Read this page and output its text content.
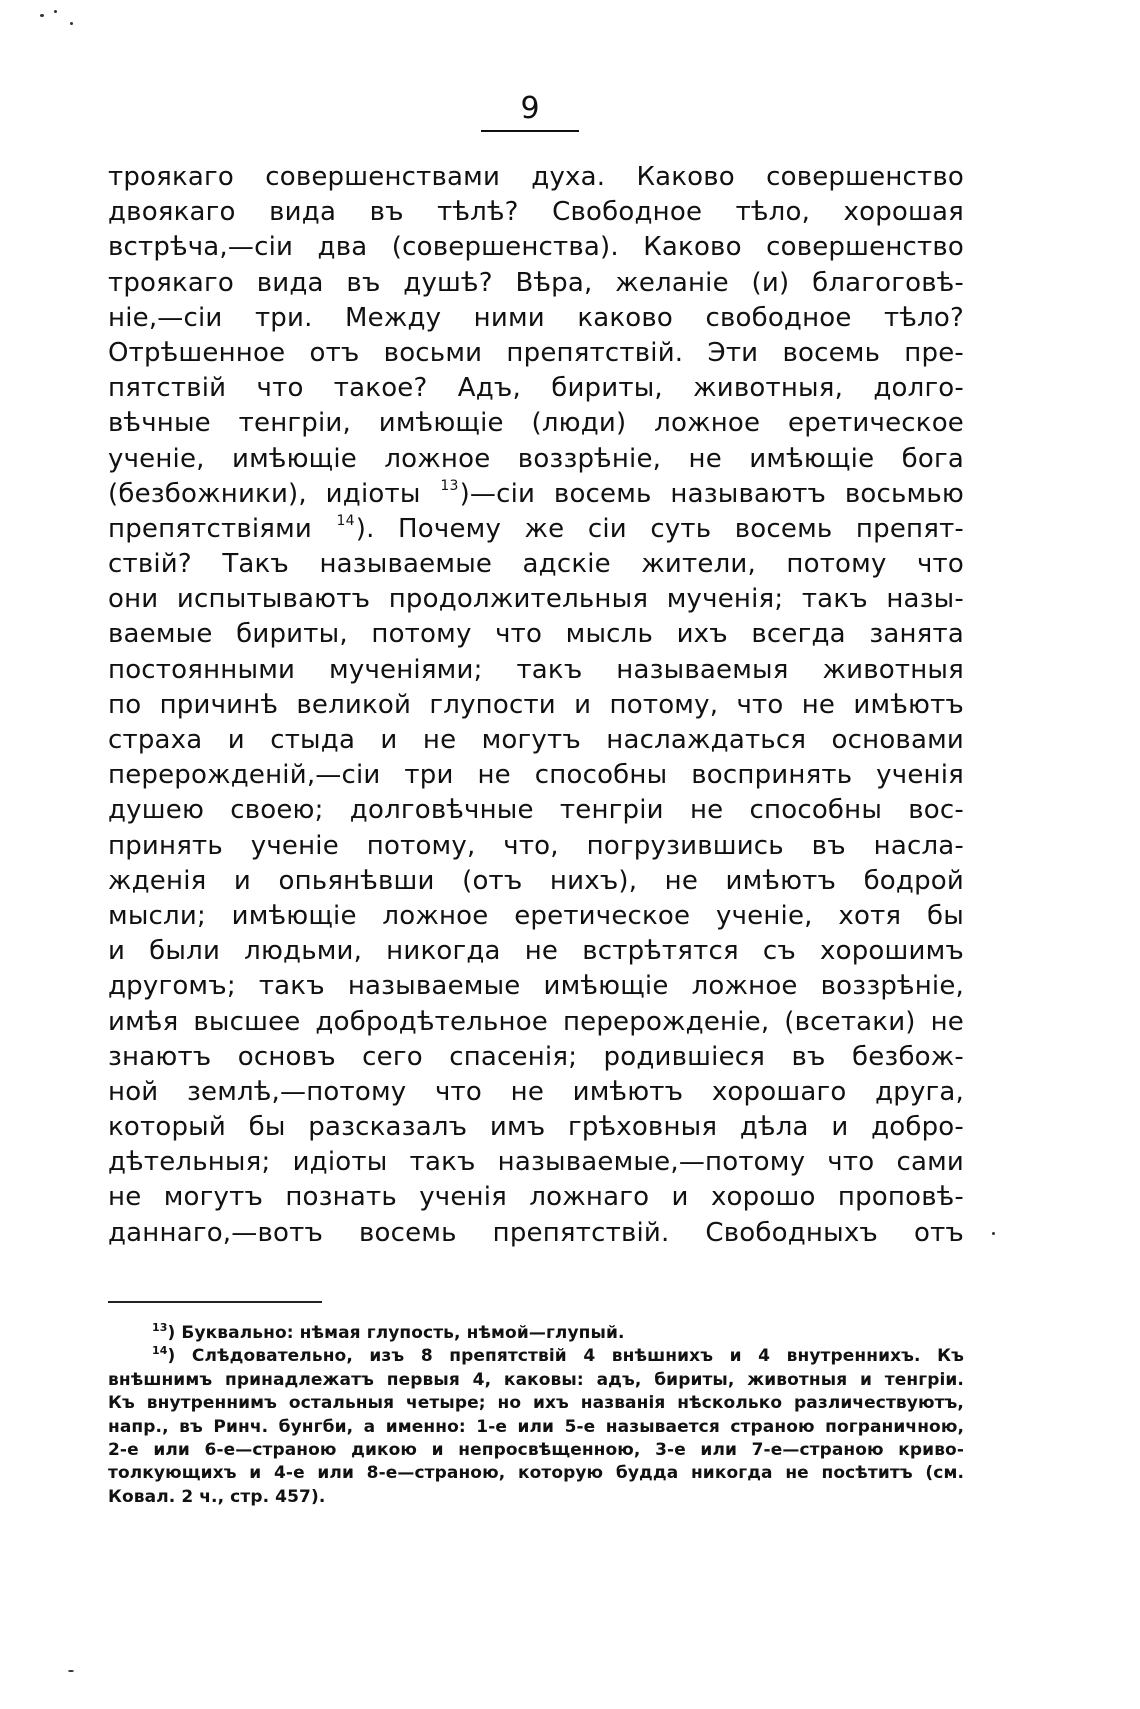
9
троякаго совершенствами духа. Каково совершенство
двоякаго вида въ тѣлѣ? Свободное тѣло, хорошая
встрѣча,—сіи два (совершенства). Каково совершенство
троякаго вида въ душѣ? Вѣра, желаніе (и) благоговѣ-
ніе,—сіи три. Между ними каково свободное тѣло?
Отрѣшенное отъ восьми препятствій. Эти восемь пре-
пятствій что такое? Адъ, бириты, животныя, долго-
вѣчные тенгріи, имѣющіе (люди) ложное еретическое
ученіе, имѣющіе ложное воззрѣніе, не имѣющіе бога
(безбожники), идіоты $^{13}$)—сіи восемь называютъ восьмью
препятствіями $^{14}$). Почему же сіи суть восемь препят-
ствій? Такъ называемые адскіе жители, потому что
они испытываютъ продолжительныя мученія; такъ назы-
ваемые бириты, потому что мысль ихъ всегда занята
постоянными мученіями; такъ называемыя животныя
по причинѣ великой глупости и потому, что не имѣютъ
страха и стыда и не могутъ наслаждаться основами
перерожденій,—сіи три не способны воспринять ученія
душею своею; долговѣчные тенгріи не способны вос-
принять ученіе потому, что, погрузившись въ насла-
жденія и опьянѣвши (отъ нихъ), не имѣютъ бодрой
мысли; имѣющіе ложное еретическое ученіе, хотя бы
и были людьми, никогда не встрѣтятся съ хорошимъ
другомъ; такъ называемые имѣющіе ложное воззрѣніе,
имѣя высшее добродѣтельное перерожденіе, (всетаки) не
знаютъ основъ сего спасенія; родившіеся въ безбож-
ной землѣ,—потому что не имѣютъ хорошаго друга,
который бы разсказалъ имъ грѣховныя дѣла и добро-
дѣтельныя; идіоты такъ называемые,—потому что сами
не могутъ познать ученія ложнаго и хорошо проповѣ-
даннаго,—вотъ восемь препятствій. Свободныхъ отъ
$^{13}$) Буквально: нѣмая глупость, нѣмой—глупый.
$^{14}$) Слѣдовательно, изъ 8 препятствій 4 внѣшнихъ и 4 внутреннихъ. Къ
внѣшнимъ принадлежатъ первыя 4, каковы: адъ, бириты, животныя и тенгріи.
Къ внутреннимъ остальныя четыре; но ихъ названія нѣсколько различествуютъ,
напр., въ Ринч. бунгби, а именно: 1-е или 5-е называется страною пограничною,
2-е или 6-е—страною дикою и непросвѣщенною, 3-е или 7-е—страною криво-
толкующихъ и 4-е или 8-е—страною, которую будда никогда не посѣтитъ (см.
Ковал. 2 ч., стр. 457).
